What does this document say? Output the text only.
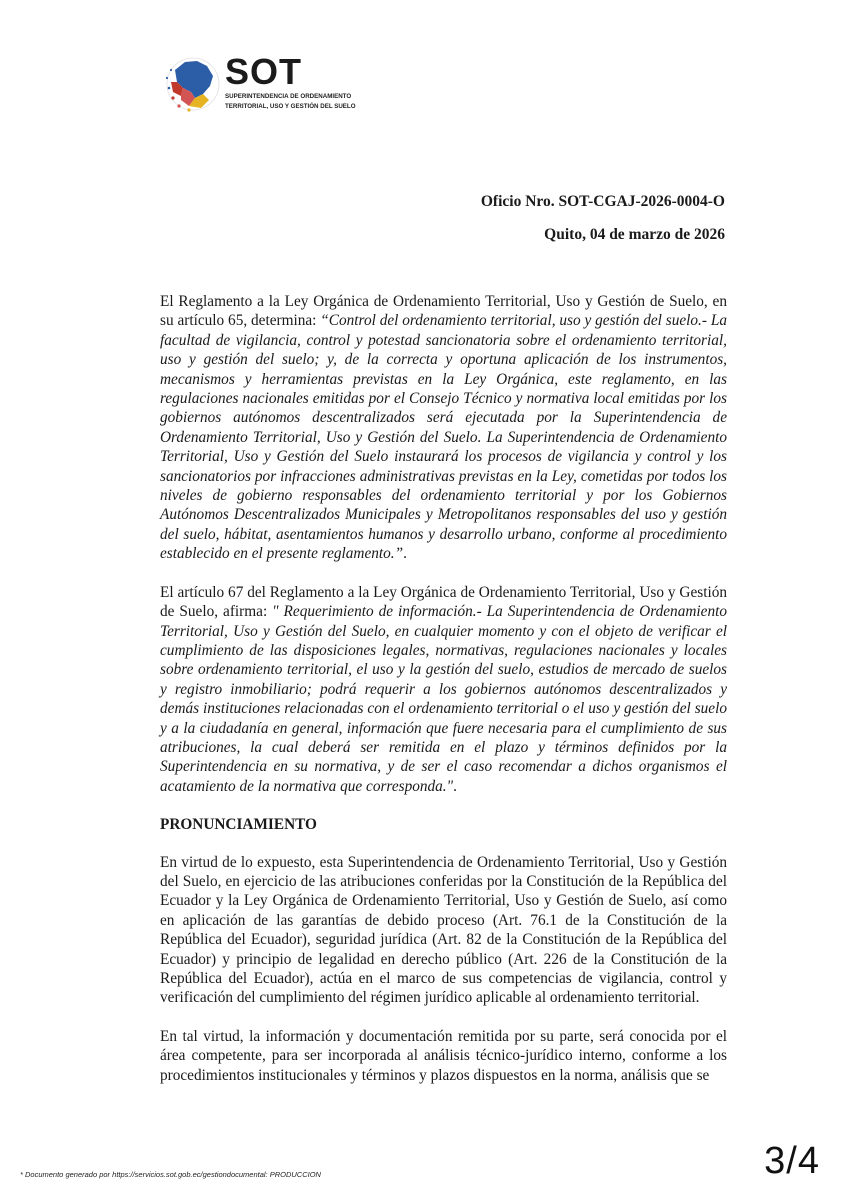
SOT
SUPERINTENDENCIA DE ORDENAMIENTO
TERRITORIAL, USO Y GESTIÓN DEL SUELO
Oficio Nro. SOT-CGAJ-2026-0004-O
Quito, 04 de marzo de 2026

El Reglamento a la Ley Orgánica de Ordenamiento Territorial, Uso y Gestión de Suelo, en su artículo 65, determina: “Control del ordenamiento territorial, uso y gestión del suelo.- La facultad de vigilancia, control y potestad sancionatoria sobre el ordenamiento territorial, uso y gestión del suelo; y, de la correcta y oportuna aplicación de los instrumentos, mecanismos y herramientas previstas en la Ley Orgánica, este reglamento, en las regulaciones nacionales emitidas por el Consejo Técnico y normativa local emitidas por los gobiernos autónomos descentralizados será ejecutada por la Superintendencia de Ordenamiento Territorial, Uso y Gestión del Suelo. La Superintendencia de Ordenamiento Territorial, Uso y Gestión del Suelo instaurará los procesos de vigilancia y control y los sancionatorios por infracciones administrativas previstas en la Ley, cometidas por todos los niveles de gobierno responsables del ordenamiento territorial y por los Gobiernos Autónomos Descentralizados Municipales y Metropolitanos responsables del uso y gestión del suelo, hábitat, asentamientos humanos y desarrollo urbano, conforme al procedimiento establecido en el presente reglamento.”.

El artículo 67 del Reglamento a la Ley Orgánica de Ordenamiento Territorial, Uso y Gestión de Suelo, afirma: " Requerimiento de información.- La Superintendencia de Ordenamiento Territorial, Uso y Gestión del Suelo, en cualquier momento y con el objeto de verificar el cumplimiento de las disposiciones legales, normativas, regulaciones nacionales y locales sobre ordenamiento territorial, el uso y la gestión del suelo, estudios de mercado de suelos y registro inmobiliario; podrá requerir a los gobiernos autónomos descentralizados y demás instituciones relacionadas con el ordenamiento territorial o el uso y gestión del suelo y a la ciudadanía en general, información que fuere necesaria para el cumplimiento de sus atribuciones, la cual deberá ser remitida en el plazo y términos definidos por la Superintendencia en su normativa, y de ser el caso recomendar a dichos organismos el acatamiento de la normativa que corresponda.".

PRONUNCIAMIENTO

En virtud de lo expuesto, esta Superintendencia de Ordenamiento Territorial, Uso y Gestión del Suelo, en ejercicio de las atribuciones conferidas por la Constitución de la República del Ecuador y la Ley Orgánica de Ordenamiento Territorial, Uso y Gestión de Suelo, así como en aplicación de las garantías de debido proceso (Art. 76.1 de la Constitución de la República del Ecuador), seguridad jurídica (Art. 82 de la Constitución de la República del Ecuador) y principio de legalidad en derecho público (Art. 226 de la Constitución de la República del Ecuador), actúa en el marco de sus competencias de vigilancia, control y verificación del cumplimiento del régimen jurídico aplicable al ordenamiento territorial.

En tal virtud, la información y documentación remitida por su parte, será conocida por el área competente, para ser incorporada al análisis técnico-jurídico interno, conforme a los procedimientos institucionales y términos y plazos dispuestos en la norma, análisis que se

3/4
* Documento generado por https://servicios.sot.gob.ec/gestiondocumental: PRODUCCION
